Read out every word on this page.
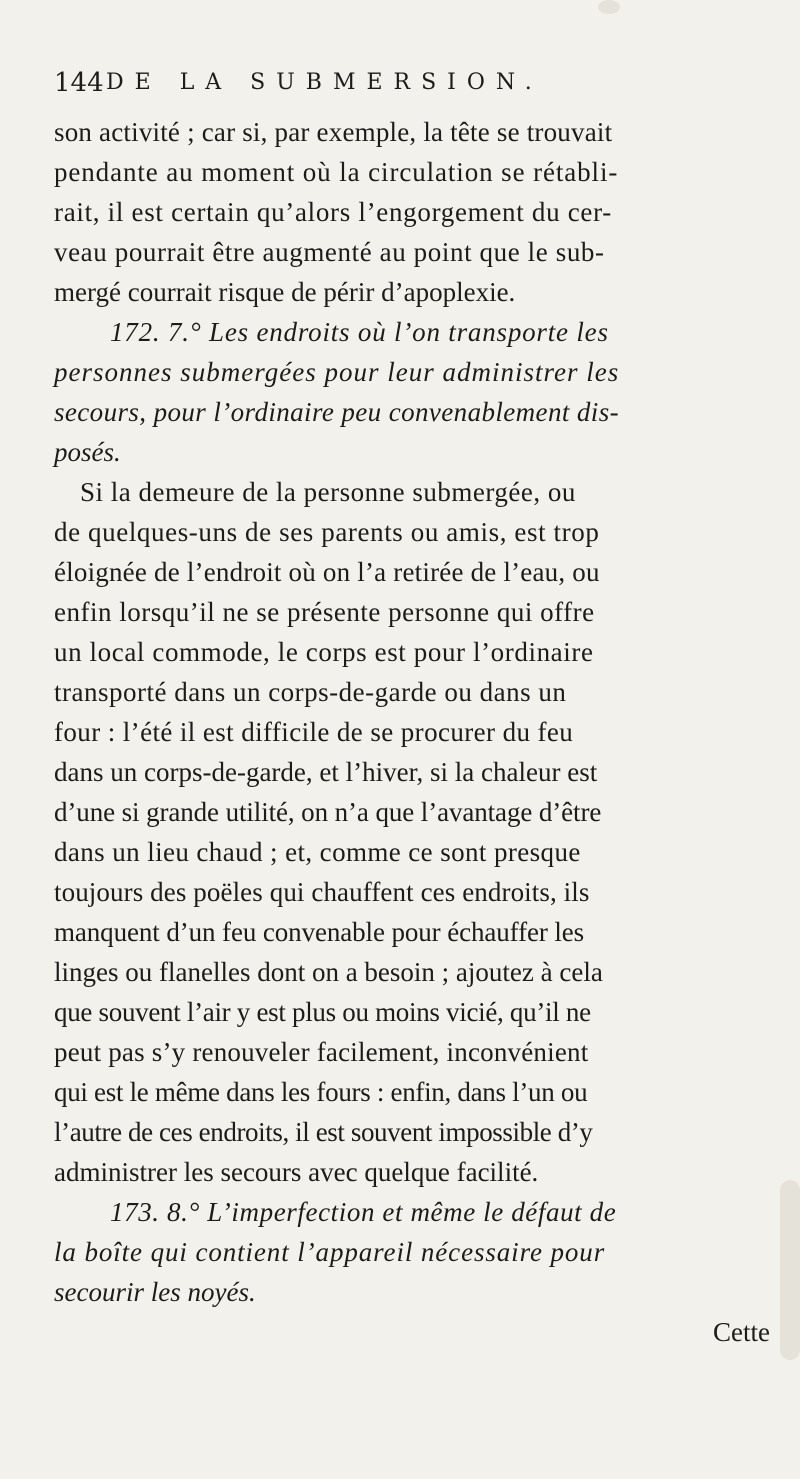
144 DE LA SUBMERSION.
son activité ; car si, par exemple, la tête se trouvait
pendante au moment où la circulation se rétabli-
rait, il est certain qu’alors l’engorgement du cer-
veau pourrait être augmenté au point que le sub-
mergé courrait risque de périr d’apoplexie.
172. 7.° Les endroits où l’on transporte les
personnes submergées pour leur administrer les
secours, pour l’ordinaire peu convenablement dis-
posés.
Si la demeure de la personne submergée, ou
de quelques-uns de ses parents ou amis, est trop
éloignée de l’endroit où on l’a retirée de l’eau, ou
enfin lorsqu’il ne se présente personne qui offre
un local commode, le corps est pour l’ordinaire
transporté dans un corps-de-garde ou dans un
four : l’été il est difficile de se procurer du feu
dans un corps-de-garde, et l’hiver, si la chaleur est
d’une si grande utilité, on n’a que l’avantage d’être
dans un lieu chaud ; et, comme ce sont presque
toujours des poëles qui chauffent ces endroits, ils
manquent d’un feu convenable pour échauffer les
linges ou flanelles dont on a besoin ; ajoutez à cela
que souvent l’air y est plus ou moins vicié, qu’il ne
peut pas s’y renouveler facilement, inconvénient
qui est le même dans les fours : enfin, dans l’un ou
l’autre de ces endroits, il est souvent impossible d’y
administrer les secours avec quelque facilité.
173. 8.° L’imperfection et même le défaut de
la boîte qui contient l’appareil nécessaire pour
secourir les noyés.
Cette
